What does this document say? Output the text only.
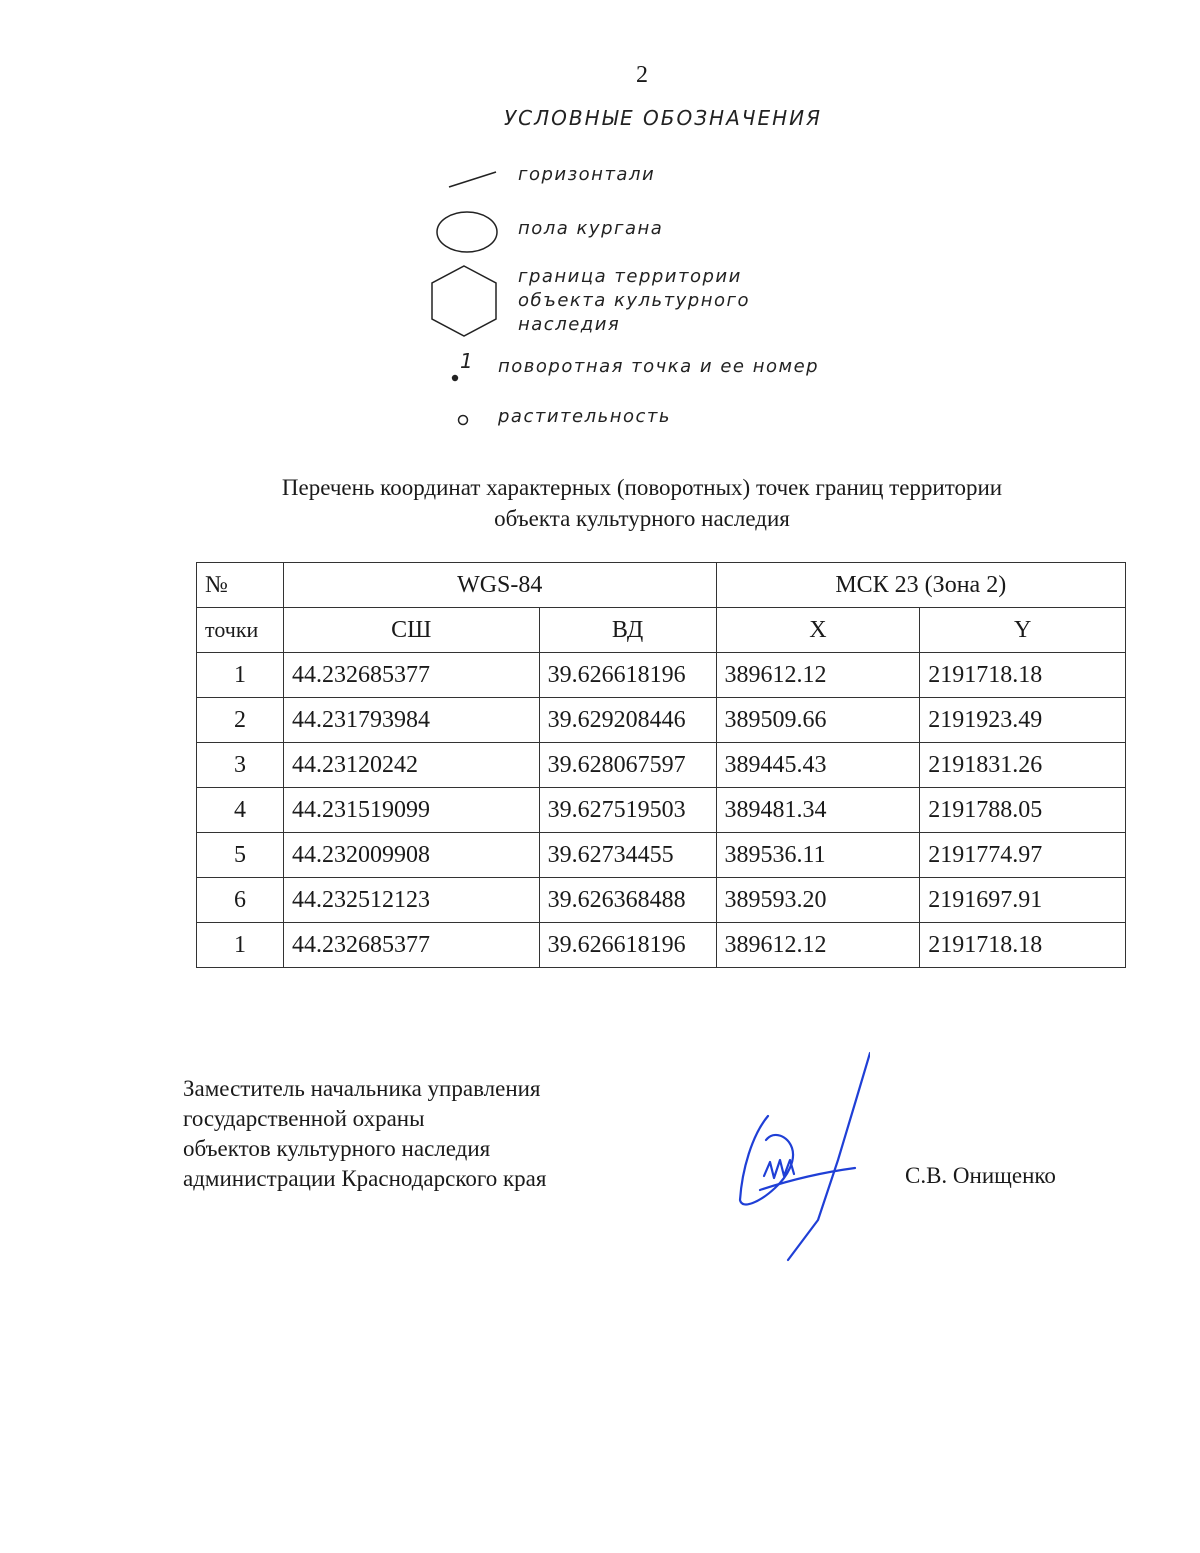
2
УСЛОВНЫЕ ОБОЗНАЧЕНИЯ
горизонтали
пола кургана
граница территории
объекта культурного
наследия
1 поворотная точка и ее номер
растительность
Перечень координат характерных (поворотных) точек границ территории
объекта культурного наследия
№	WGS-84		МСК 23 (Зона 2)	
точки	СШ	ВД	X	Y
1	44.232685377	39.626618196	389612.12	2191718.18
2	44.231793984	39.629208446	389509.66	2191923.49
3	44.23120242	39.628067597	389445.43	2191831.26
4	44.231519099	39.627519503	389481.34	2191788.05
5	44.232009908	39.62734455	389536.11	2191774.97
6	44.232512123	39.626368488	389593.20	2191697.91
1	44.232685377	39.626618196	389612.12	2191718.18
Заместитель начальника управления
государственной охраны
объектов культурного наследия
администрации Краснодарского края	С.В. Онищенко
